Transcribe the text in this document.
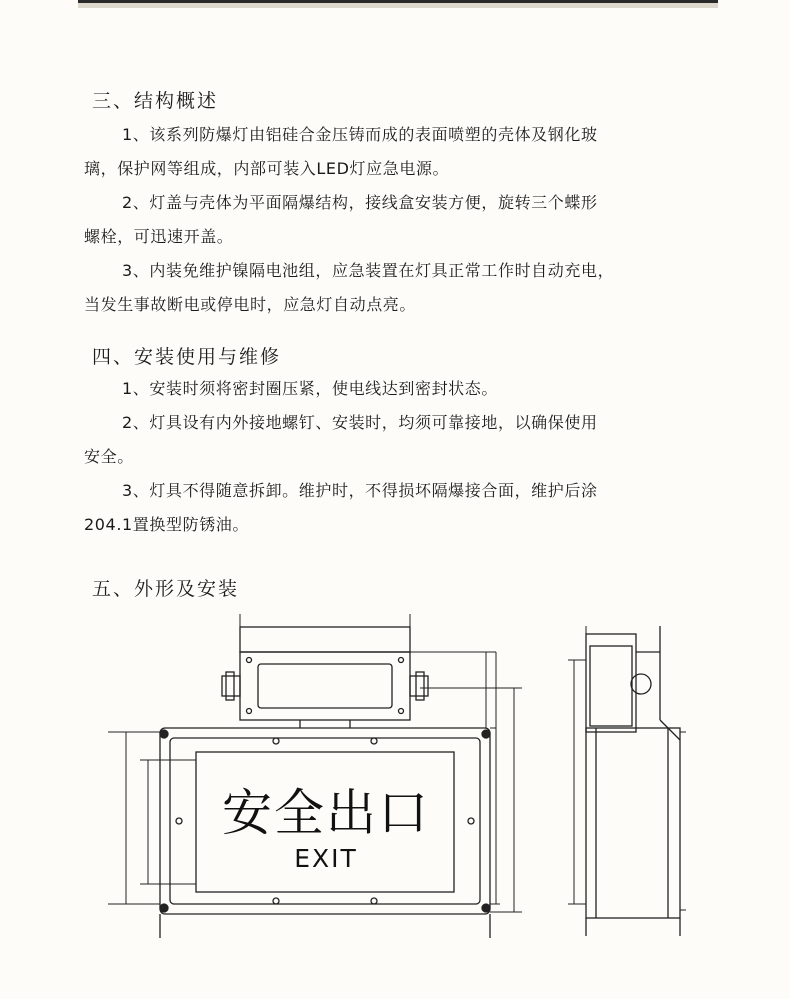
三、结构概述
1、该系列防爆灯由铝硅合金压铸而成的表面喷塑的壳体及钢化玻
璃，保护网等组成，内部可装入LED灯应急电源。
2、灯盖与壳体为平面隔爆结构，接线盒安装方便，旋转三个蝶形
螺栓，可迅速开盖。
3、内装免维护镍隔电池组，应急装置在灯具正常工作时自动充电，
当发生事故断电或停电时，应急灯自动点亮。
四、安装使用与维修
1、安装时须将密封圈压紧，使电线达到密封状态。
2、灯具设有内外接地螺钉、安装时，均须可靠接地，以确保使用
安全。
3、灯具不得随意拆卸。维护时，不得损坏隔爆接合面，维护后涂
204.1置换型防锈油。
五、外形及安装
安全出口
EXIT
